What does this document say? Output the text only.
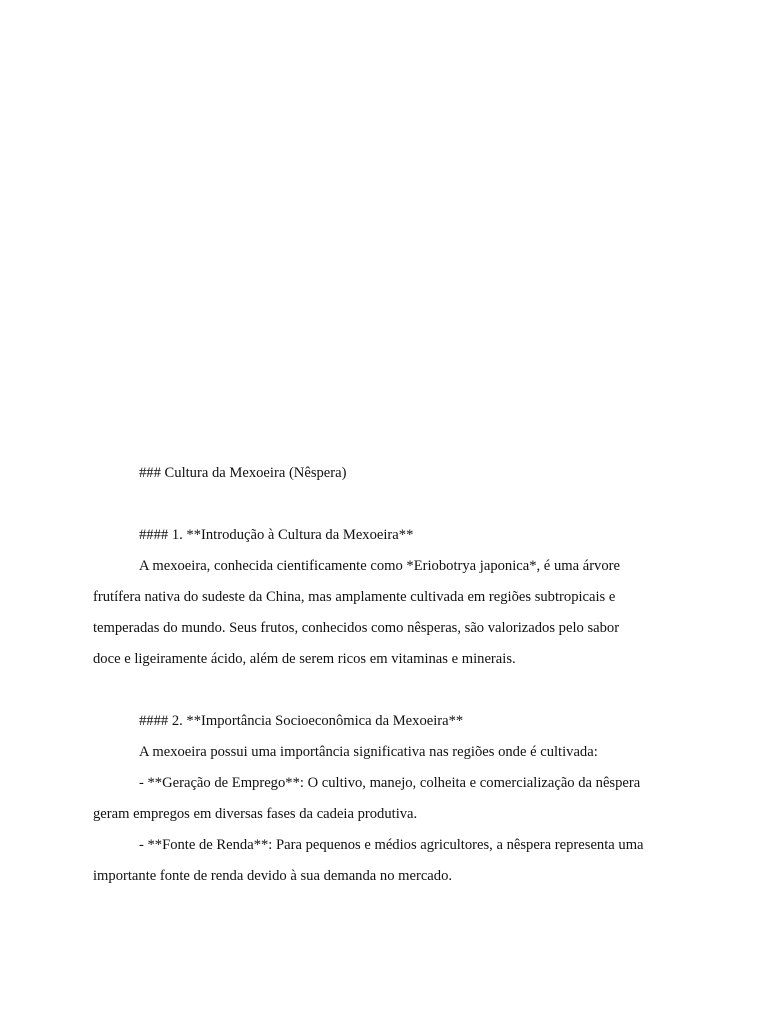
### Cultura da Mexoeira (Nêspera)
#### 1. **Introdução à Cultura da Mexoeira**
A mexoeira, conhecida cientificamente como *Eriobotrya japonica*, é uma árvore
frutífera nativa do sudeste da China, mas amplamente cultivada em regiões subtropicais e
temperadas do mundo. Seus frutos, conhecidos como nêsperas, são valorizados pelo sabor
doce e ligeiramente ácido, além de serem ricos em vitaminas e minerais.
#### 2. **Importância Socioeconômica da Mexoeira**
A mexoeira possui uma importância significativa nas regiões onde é cultivada:
- **Geração de Emprego**: O cultivo, manejo, colheita e comercialização da nêspera
geram empregos em diversas fases da cadeia produtiva.
- **Fonte de Renda**: Para pequenos e médios agricultores, a nêspera representa uma
importante fonte de renda devido à sua demanda no mercado.
